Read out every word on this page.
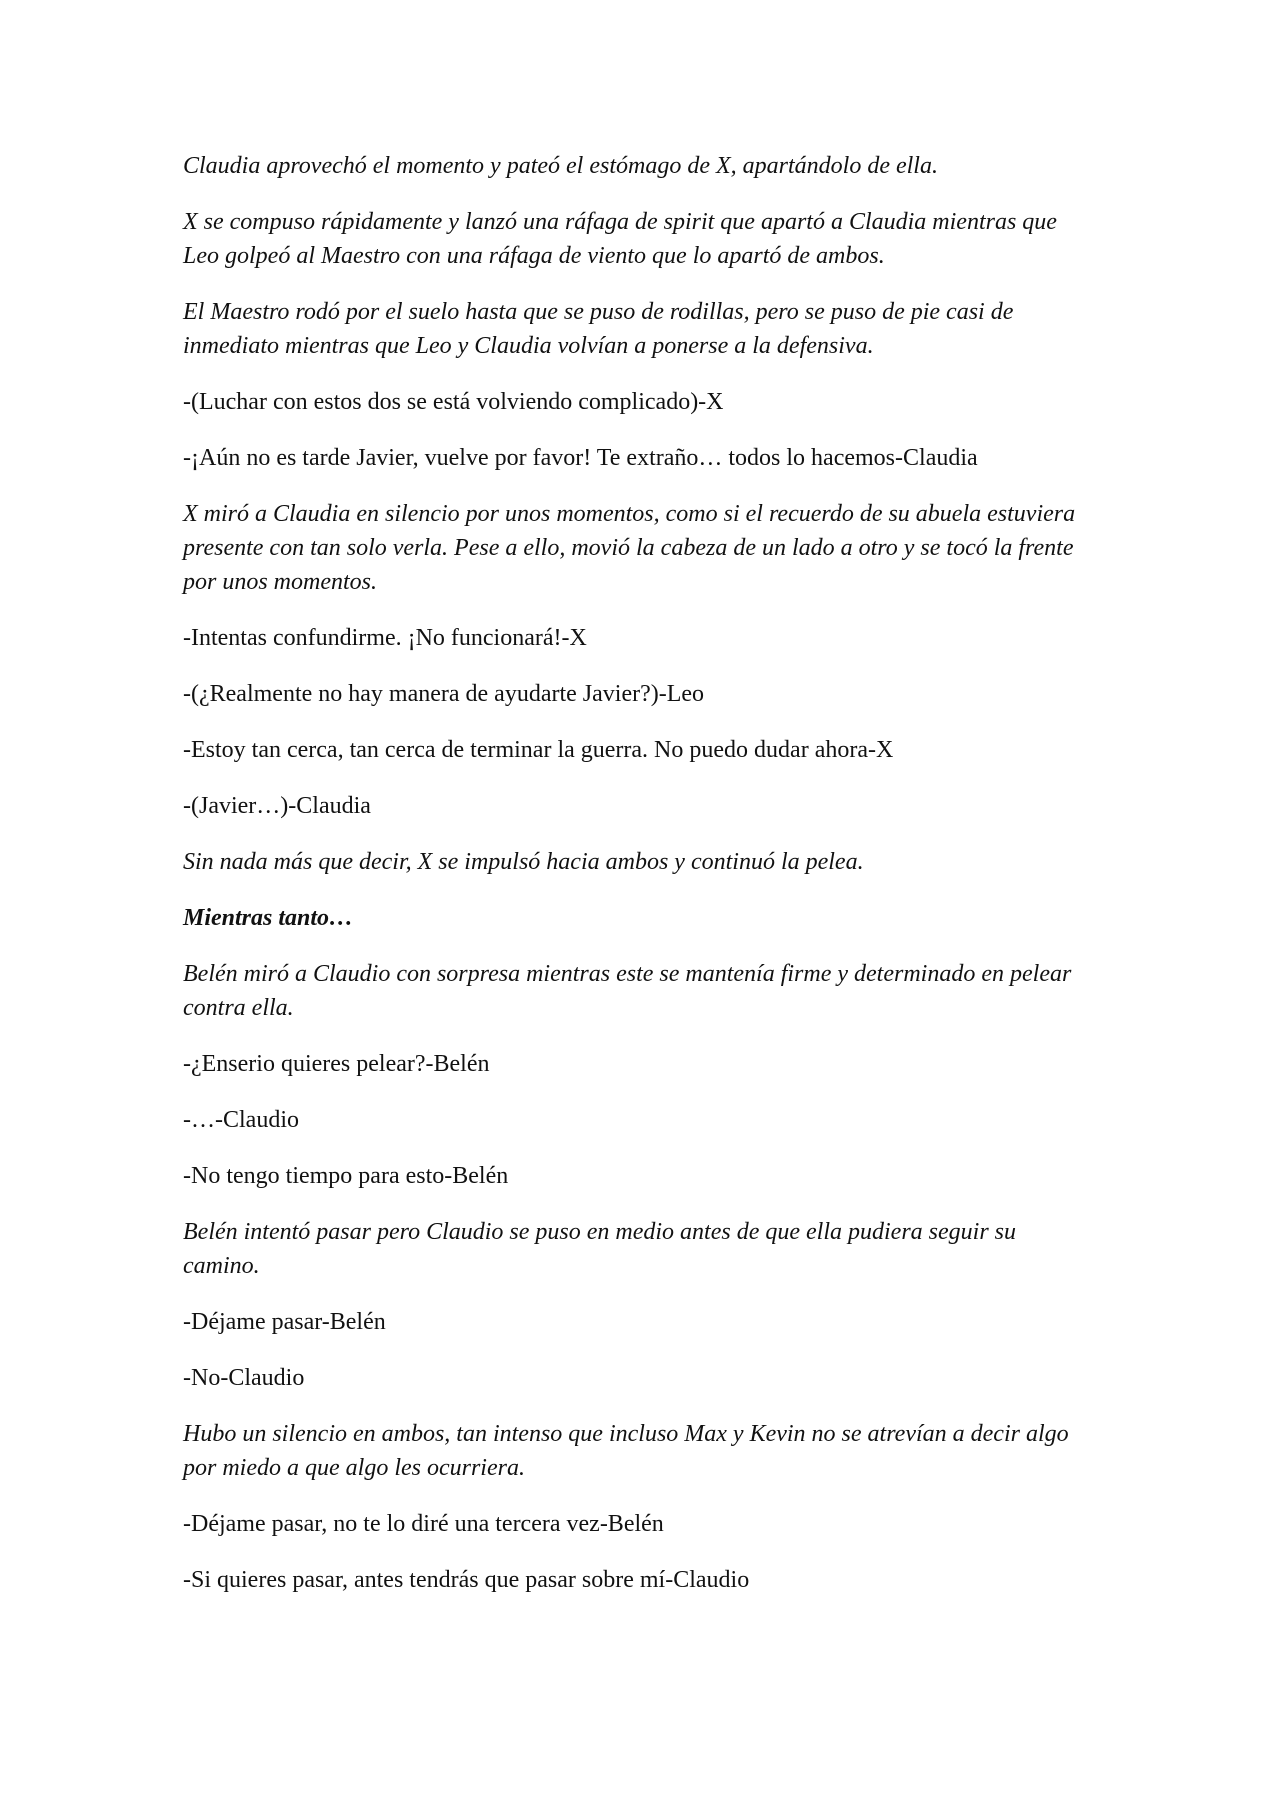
Claudia aprovechó el momento y pateó el estómago de X, apartándolo de ella.

X se compuso rápidamente y lanzó una ráfaga de spirit que apartó a Claudia mientras que Leo golpeó al Maestro con una ráfaga de viento que lo apartó de ambos.

El Maestro rodó por el suelo hasta que se puso de rodillas, pero se puso de pie casi de inmediato mientras que Leo y Claudia volvían a ponerse a la defensiva.

-(Luchar con estos dos se está volviendo complicado)-X

-¡Aún no es tarde Javier, vuelve por favor! Te extraño… todos lo hacemos-Claudia

X miró a Claudia en silencio por unos momentos, como si el recuerdo de su abuela estuviera presente con tan solo verla. Pese a ello, movió la cabeza de un lado a otro y se tocó la frente por unos momentos.

-Intentas confundirme. ¡No funcionará!-X

-(¿Realmente no hay manera de ayudarte Javier?)-Leo

-Estoy tan cerca, tan cerca de terminar la guerra. No puedo dudar ahora-X

-(Javier…)-Claudia

Sin nada más que decir, X se impulsó hacia ambos y continuó la pelea.

Mientras tanto…

Belén miró a Claudio con sorpresa mientras este se mantenía firme y determinado en pelear contra ella.

-¿Enserio quieres pelear?-Belén

-…-Claudio

-No tengo tiempo para esto-Belén

Belén intentó pasar pero Claudio se puso en medio antes de que ella pudiera seguir su camino.

-Déjame pasar-Belén

-No-Claudio

Hubo un silencio en ambos, tan intenso que incluso Max y Kevin no se atrevían a decir algo por miedo a que algo les ocurriera.

-Déjame pasar, no te lo diré una tercera vez-Belén

-Si quieres pasar, antes tendrás que pasar sobre mí-Claudio
